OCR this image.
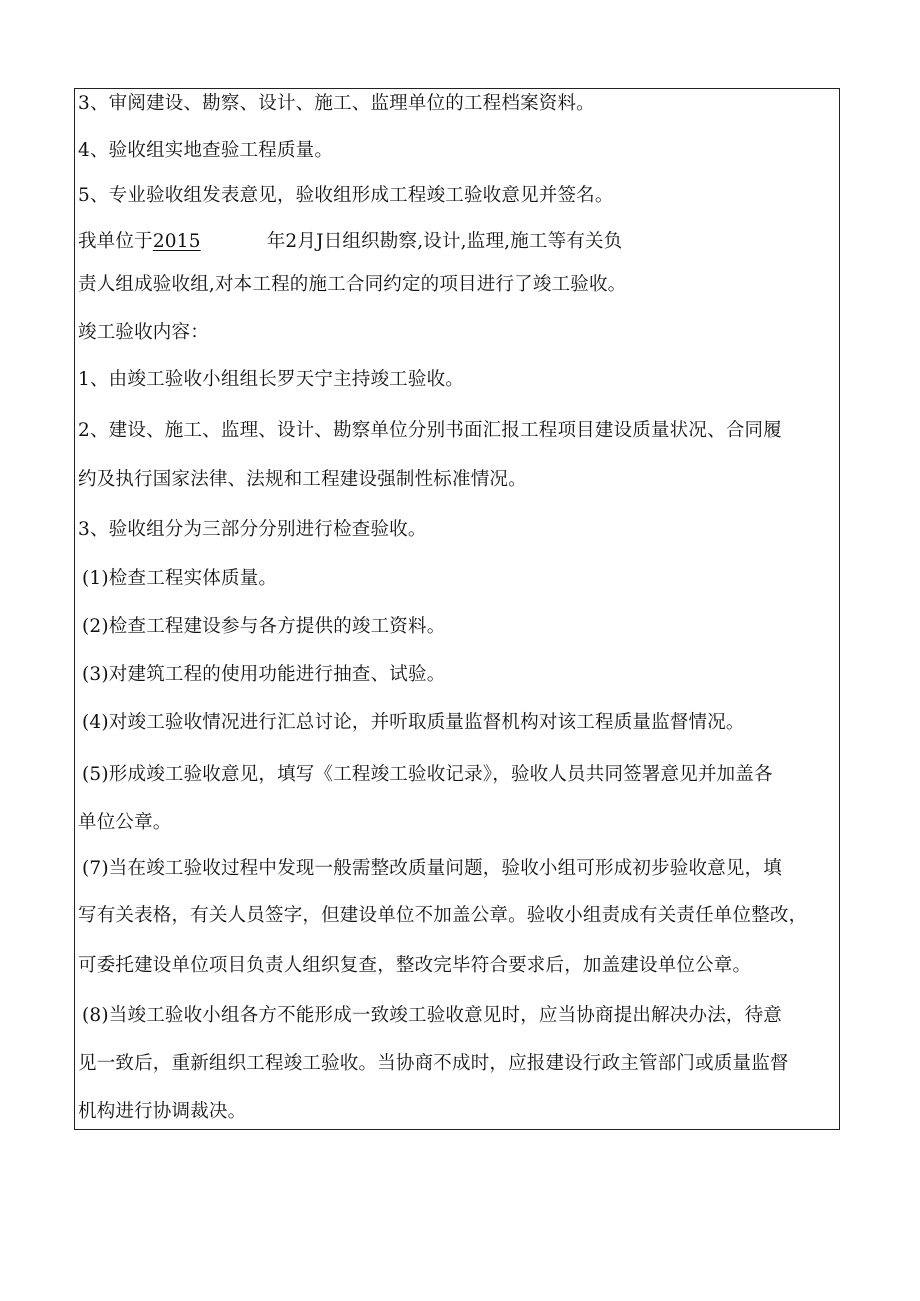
3、审阅建设、勘察、设计、施工、监理单位的工程档案资料。
4、验收组实地查验工程质量。
5、专业验收组发表意见，验收组形成工程竣工验收意见并签名。
我单位于2015	年2月J日组织勘察,设计,监理,施工等有关负
责人组成验收组,对本工程的施工合同约定的项目进行了竣工验收。
竣工验收内容：
1、由竣工验收小组组长罗天宁主持竣工验收。
2、建设、施工、监理、设计、勘察单位分别书面汇报工程项目建设质量状况、合同履
约及执行国家法律、法规和工程建设强制性标准情况。
3、验收组分为三部分分别进行检查验收。
(1)检查工程实体质量。
(2)检查工程建设参与各方提供的竣工资料。
(3)对建筑工程的使用功能进行抽查、试验。
(4)对竣工验收情况进行汇总讨论，并听取质量监督机构对该工程质量监督情况。
(5)形成竣工验收意见，填写《工程竣工验收记录》，验收人员共同签署意见并加盖各
单位公章。
(7)当在竣工验收过程中发现一般需整改质量问题，验收小组可形成初步验收意见，填
写有关表格，有关人员签字，但建设单位不加盖公章。验收小组责成有关责任单位整改，
可委托建设单位项目负责人组织复查，整改完毕符合要求后，加盖建设单位公章。
(8)当竣工验收小组各方不能形成一致竣工验收意见时，应当协商提出解决办法，待意
见一致后，重新组织工程竣工验收。当协商不成时，应报建设行政主管部门或质量监督
机构进行协调裁决。
